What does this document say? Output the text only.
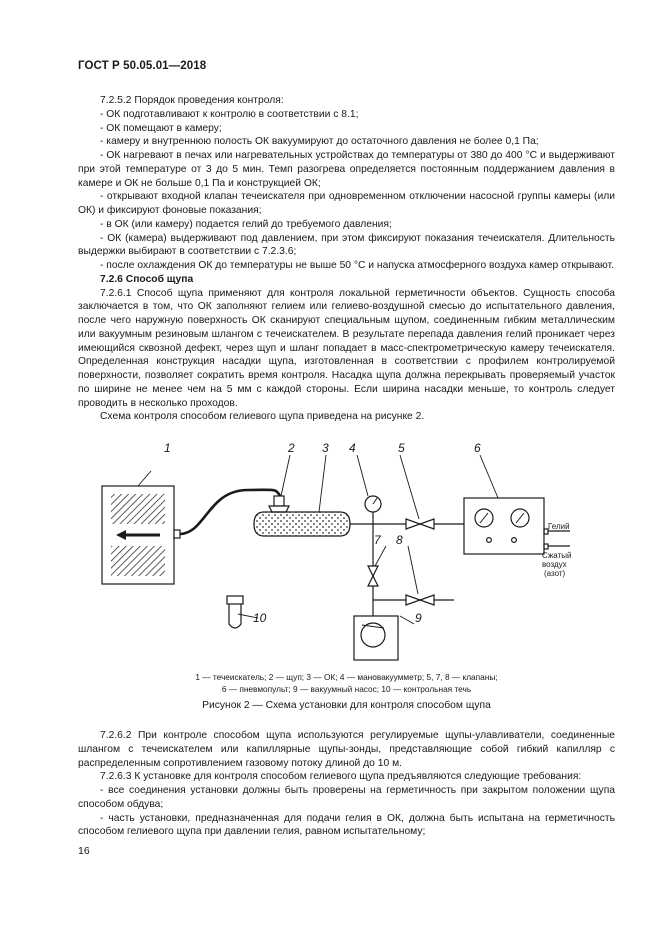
ГОСТ Р 50.05.01—2018

7.2.5.2 Порядок проведения контроля:

- ОК подготавливают к контролю в соответствии с 8.1;

- ОК помещают в камеру;

- камеру и внутреннюю полость ОК вакуумируют до остаточного давления не более 0,1 Па;

- ОК нагревают в печах или нагревательных устройствах до температуры от 380 до 400 °С и выдерживают при этой температуре от 3 до 5 мин. Темп разогрева определяется постоянным поддержанием давления в камере и ОК не больше 0,1 Па и конструкцией ОК;

- открывают входной клапан течеискателя при одновременном отключении насосной группы камеры (или ОК) и фиксируют фоновые показания;

- в ОК (или камеру) подается гелий до требуемого давления;

- ОК (камера) выдерживают под давлением, при этом фиксируют показания течеискателя. Длительность выдержки выбирают в соответствии с 7.2.3.6;

- после охлаждения ОК до температуры не выше 50 °С и напуска атмосферного воздуха камер открывают.

7.2.6 Способ щупа

7.2.6.1 Способ щупа применяют для контроля локальной герметичности объектов. Сущность способа заключается в том, что ОК заполняют гелием или гелиево-воздушной смесью до испытательного давления, после чего наружную поверхность ОК сканируют специальным щупом, соединенным гибким металлическим или вакуумным резиновым шлангом с течеискателем. В результате перепада давления гелий проникает через имеющийся сквозной дефект, через щуп и шланг попадает в масс-спектрометрическую камеру течеискателя. Определенная конструкция насадки щупа, изготовленная в соответствии с профилем контролируемой поверхности, позволяет сократить время контроля. Насадка щупа должна перекрывать проверяемый участок по ширине не менее чем на 5 мм с каждой стороны. Если ширина насадки меньше, то контроль следует проводить в несколько проходов.

Схема контроля способом гелиевого щупа приведена на рисунке 2.

1	2 3 4	5	6
7 8
9
10
Гелий
Сжатый
воздух
(азот)

1 — течеискатель; 2 — щуп; 3 — ОК; 4 — мановакуумметр; 5, 7, 8 — клапаны;

6 — пневмопульт; 9 — вакуумный насос; 10 — контрольная течь

Рисунок 2 — Схема установки для контроля способом щупа

7.2.6.2 При контроле способом щупа используются регулируемые щупы-улавливатели, соединенные шлангом с течеискателем или капиллярные щупы-зонды, представляющие собой гибкий капилляр с распределенным сопротивлением газовому потоку длиной до 10 м.

7.2.6.3 К установке для контроля способом гелиевого щупа предъявляются следующие требования:

- все соединения установки должны быть проверены на герметичность при закрытом положении щупа способом обдува;

- часть установки, предназначенная для подачи гелия в ОК, должна быть испытана на герметичность способом гелиевого щупа при давлении гелия, равном испытательному;

16
